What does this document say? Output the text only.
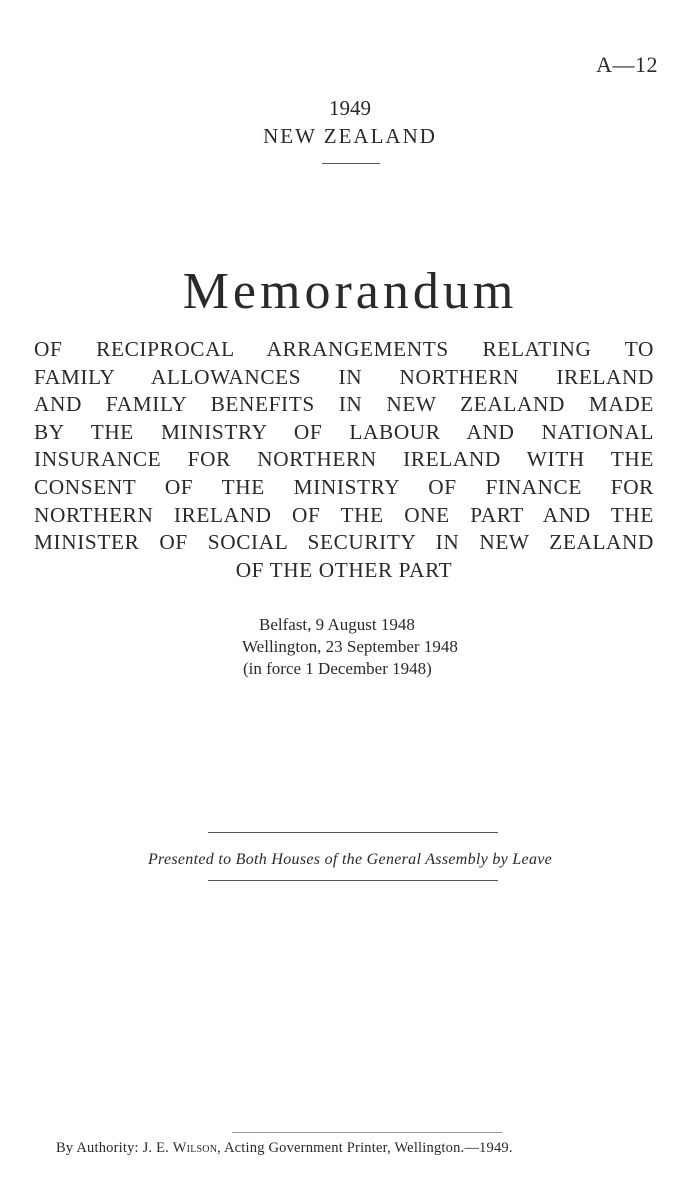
A—12
1949
NEW ZEALAND
Memorandum
OF RECIPROCAL ARRANGEMENTS RELATING TO
FAMILY ALLOWANCES IN NORTHERN IRELAND
AND FAMILY BENEFITS IN NEW ZEALAND MADE
BY THE MINISTRY OF LABOUR AND NATIONAL
INSURANCE FOR NORTHERN IRELAND WITH THE
CONSENT OF THE MINISTRY OF FINANCE FOR
NORTHERN IRELAND OF THE ONE PART AND THE
MINISTER OF SOCIAL SECURITY IN NEW ZEALAND
OF THE OTHER PART
Belfast, 9 August 1948
Wellington, 23 September 1948
(in force 1 December 1948)
Presented to Both Houses of the General Assembly by Leave
By Authority: J. E. Wilson, Acting Government Printer, Wellington.—1949.
